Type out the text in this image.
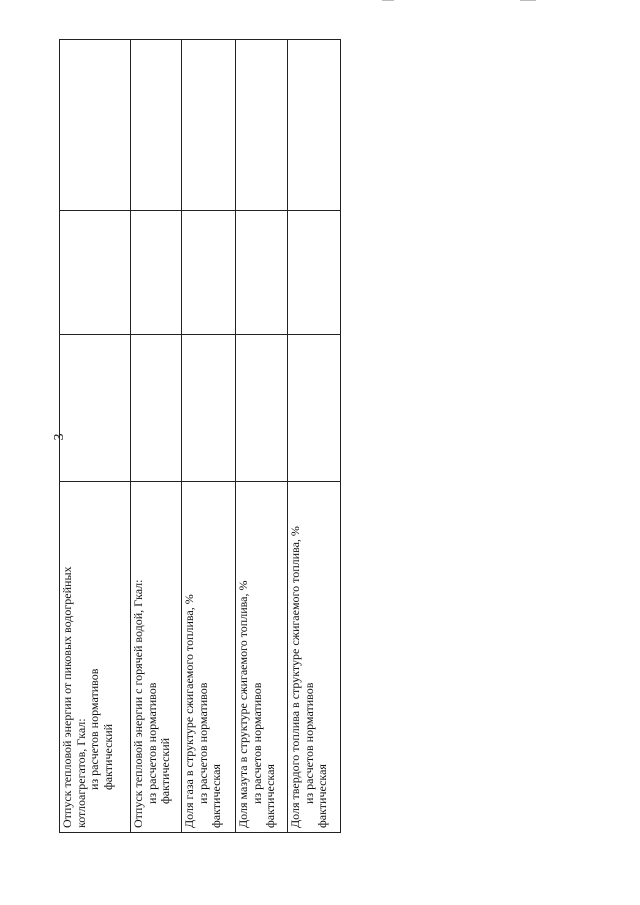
3
Отпуск тепловой энергии от пиковых водогрейных котлоагрегатов, Гкал: из расчетов нормативов фактический			

Отпуск тепловой энергии с горячей водой, Гкал: из расчетов нормативов фактический			

Доля газа в структуре сжигаемого топлива, % из расчетов нормативов фактическая			

Доля мазута в структуре сжигаемого топлива, % из расчетов нормативов фактическая			

Доля твердого топлива в структуре сжигаемого топлива, % из расчетов нормативов фактическая			
